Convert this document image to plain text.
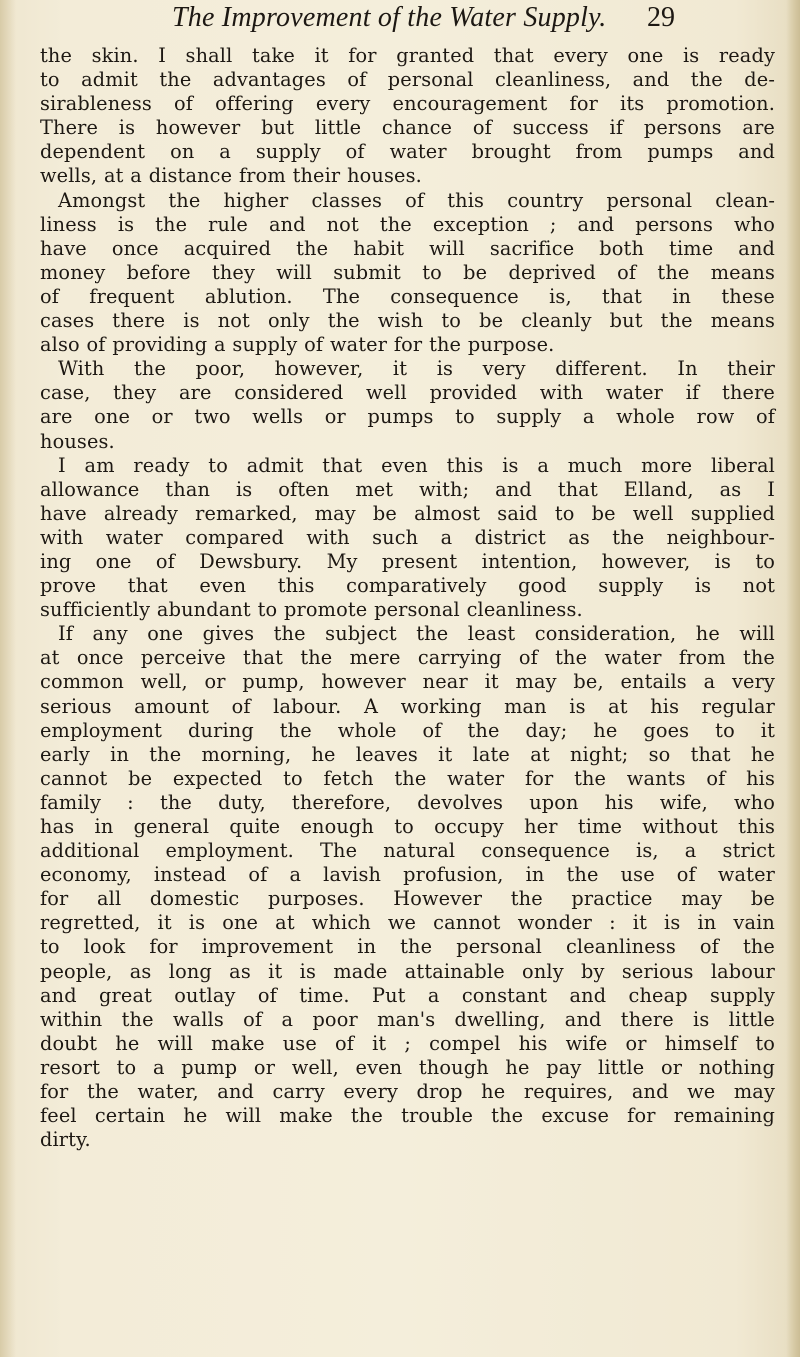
The Improvement of the Water Supply. 29
the skin. I shall take it for granted that every one is ready
to admit the advantages of personal cleanliness, and the de-
sirableness of offering every encouragement for its promotion.
There is however but little chance of success if persons are
dependent on a supply of water brought from pumps and
wells, at a distance from their houses.
Amongst the higher classes of this country personal clean-
liness is the rule and not the exception ; and persons who
have once acquired the habit will sacrifice both time and
money before they will submit to be deprived of the means
of frequent ablution. The consequence is, that in these
cases there is not only the wish to be cleanly but the means
also of providing a supply of water for the purpose.
With the poor, however, it is very different. In their
case, they are considered well provided with water if there
are one or two wells or pumps to supply a whole row of
houses.
I am ready to admit that even this is a much more liberal
allowance than is often met with; and that Elland, as I
have already remarked, may be almost said to be well supplied
with water compared with such a district as the neighbour-
ing one of Dewsbury. My present intention, however, is to
prove that even this comparatively good supply is not
sufficiently abundant to promote personal cleanliness.
If any one gives the subject the least consideration, he will
at once perceive that the mere carrying of the water from the
common well, or pump, however near it may be, entails a very
serious amount of labour. A working man is at his regular
employment during the whole of the day; he goes to it
early in the morning, he leaves it late at night; so that he
cannot be expected to fetch the water for the wants of his
family : the duty, therefore, devolves upon his wife, who
has in general quite enough to occupy her time without this
additional employment. The natural consequence is, a strict
economy, instead of a lavish profusion, in the use of water
for all domestic purposes. However the practice may be
regretted, it is one at which we cannot wonder : it is in vain
to look for improvement in the personal cleanliness of the
people, as long as it is made attainable only by serious labour
and great outlay of time. Put a constant and cheap supply
within the walls of a poor man's dwelling, and there is little
doubt he will make use of it ; compel his wife or himself to
resort to a pump or well, even though he pay little or nothing
for the water, and carry every drop he requires, and we may
feel certain he will make the trouble the excuse for remaining
dirty.
